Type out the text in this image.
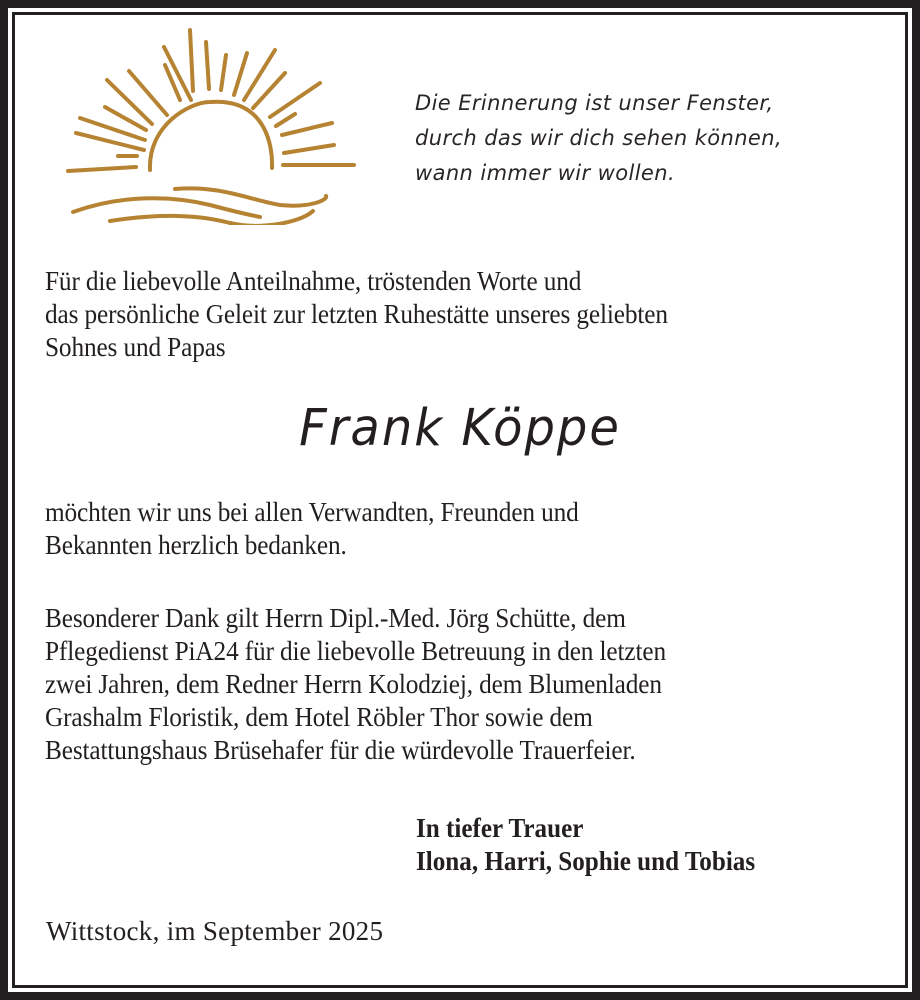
Die Erinnerung ist unser Fenster,
durch das wir dich sehen können,
wann immer wir wollen.
Für die liebevolle Anteilnahme, tröstenden Worte und
das persönliche Geleit zur letzten Ruhestätte unseres geliebten
Sohnes und Papas
Frank Köppe
möchten wir uns bei allen Verwandten, Freunden und
Bekannten herzlich bedanken.
Besonderer Dank gilt Herrn Dipl.-Med. Jörg Schütte, dem
Pflegedienst PiA24 für die liebevolle Betreuung in den letzten
zwei Jahren, dem Redner Herrn Kolodziej, dem Blumenladen
Grashalm Floristik, dem Hotel Röbler Thor sowie dem
Bestattungshaus Brüsehafer für die würdevolle Trauerfeier.
In tiefer Trauer
Ilona, Harri, Sophie und Tobias
Wittstock, im September 2025
